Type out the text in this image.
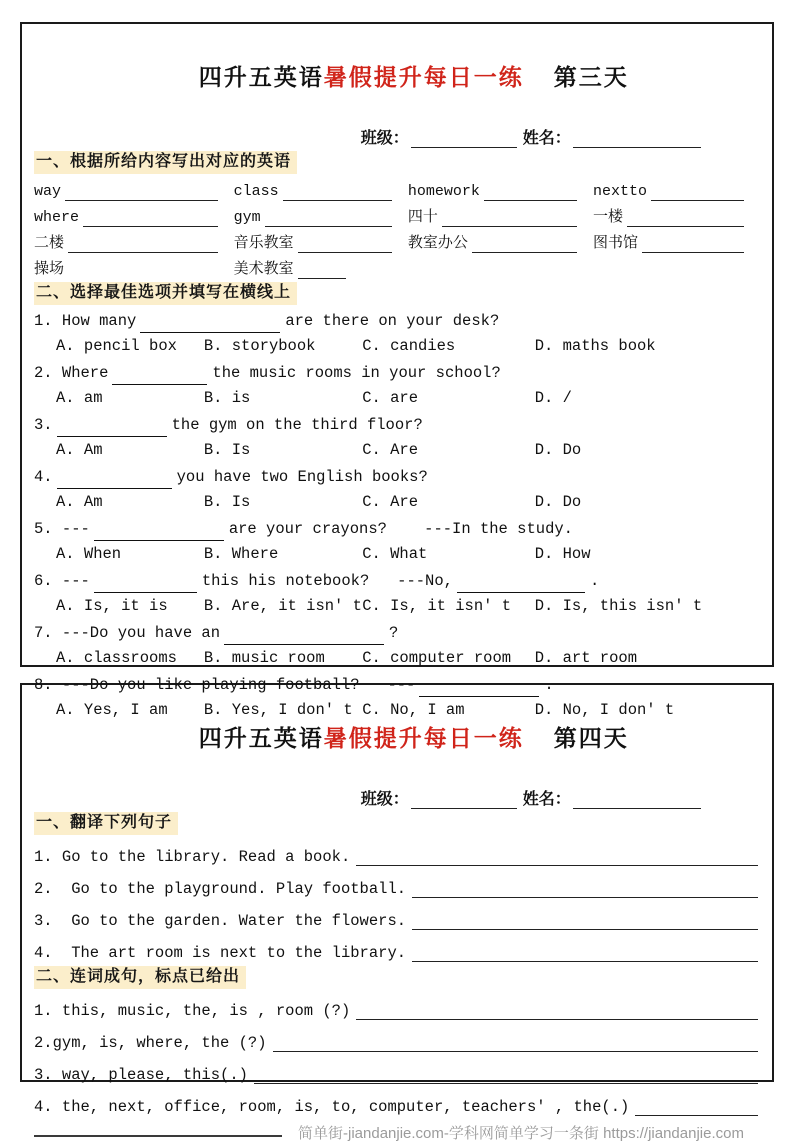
四升五英语暑假提升每日一练 第三天

班级：	姓名：
一、根据所给内容写出对应的英语
way	class	homework	nextto
where	gym	四十	一楼
二楼	音乐教室	教室办公	图书馆
操场	美术教室
二、选择最佳选项并填写在横线上
1. How many	are there on your desk?
A. pencil box	B. storybook	C. candies	D. maths book
2. Where	the music rooms in your school?
A. am	B. is	C. are	D. /
3.	the gym on the third floor?
A. Am	B. Is	C. Are	D. Do
4.	you have two English books?
A. Am	B. Is	C. Are	D. Do
5. ---	are your crayons?    ---In the study.
A. When	B. Where	C. What	D. How
6. ---	this his notebook?   ---No,	.
A. Is, it is	B. Are, it isn' t C. Is, it isn' t	D. Is, this isn' t
7. ---Do you have an	?
A. classrooms	B. music room	C. computer room	D. art room
8. ---Do you like playing football?   ---	.
A. Yes, I am	B. Yes, I don' t C. No, I am	D. No, I don' t

四升五英语暑假提升每日一练 第四天

班级：	姓名：
一、翻译下列句子
1. Go to the library. Read a book.
2.  Go to the playground. Play football.
3.  Go to the garden. Water the flowers.
4.  The art room is next to the library.
二、连词成句，标点已给出
1. this, music, the, is , room (?)
2.gym, is, where, the (?)
3. way, please, this(.)
4. the, next, office, room, is, to, computer, teachers' , the(.)
简单街-jiandanjie.com-学科网简单学习一条街 https://jiandanjie.com
